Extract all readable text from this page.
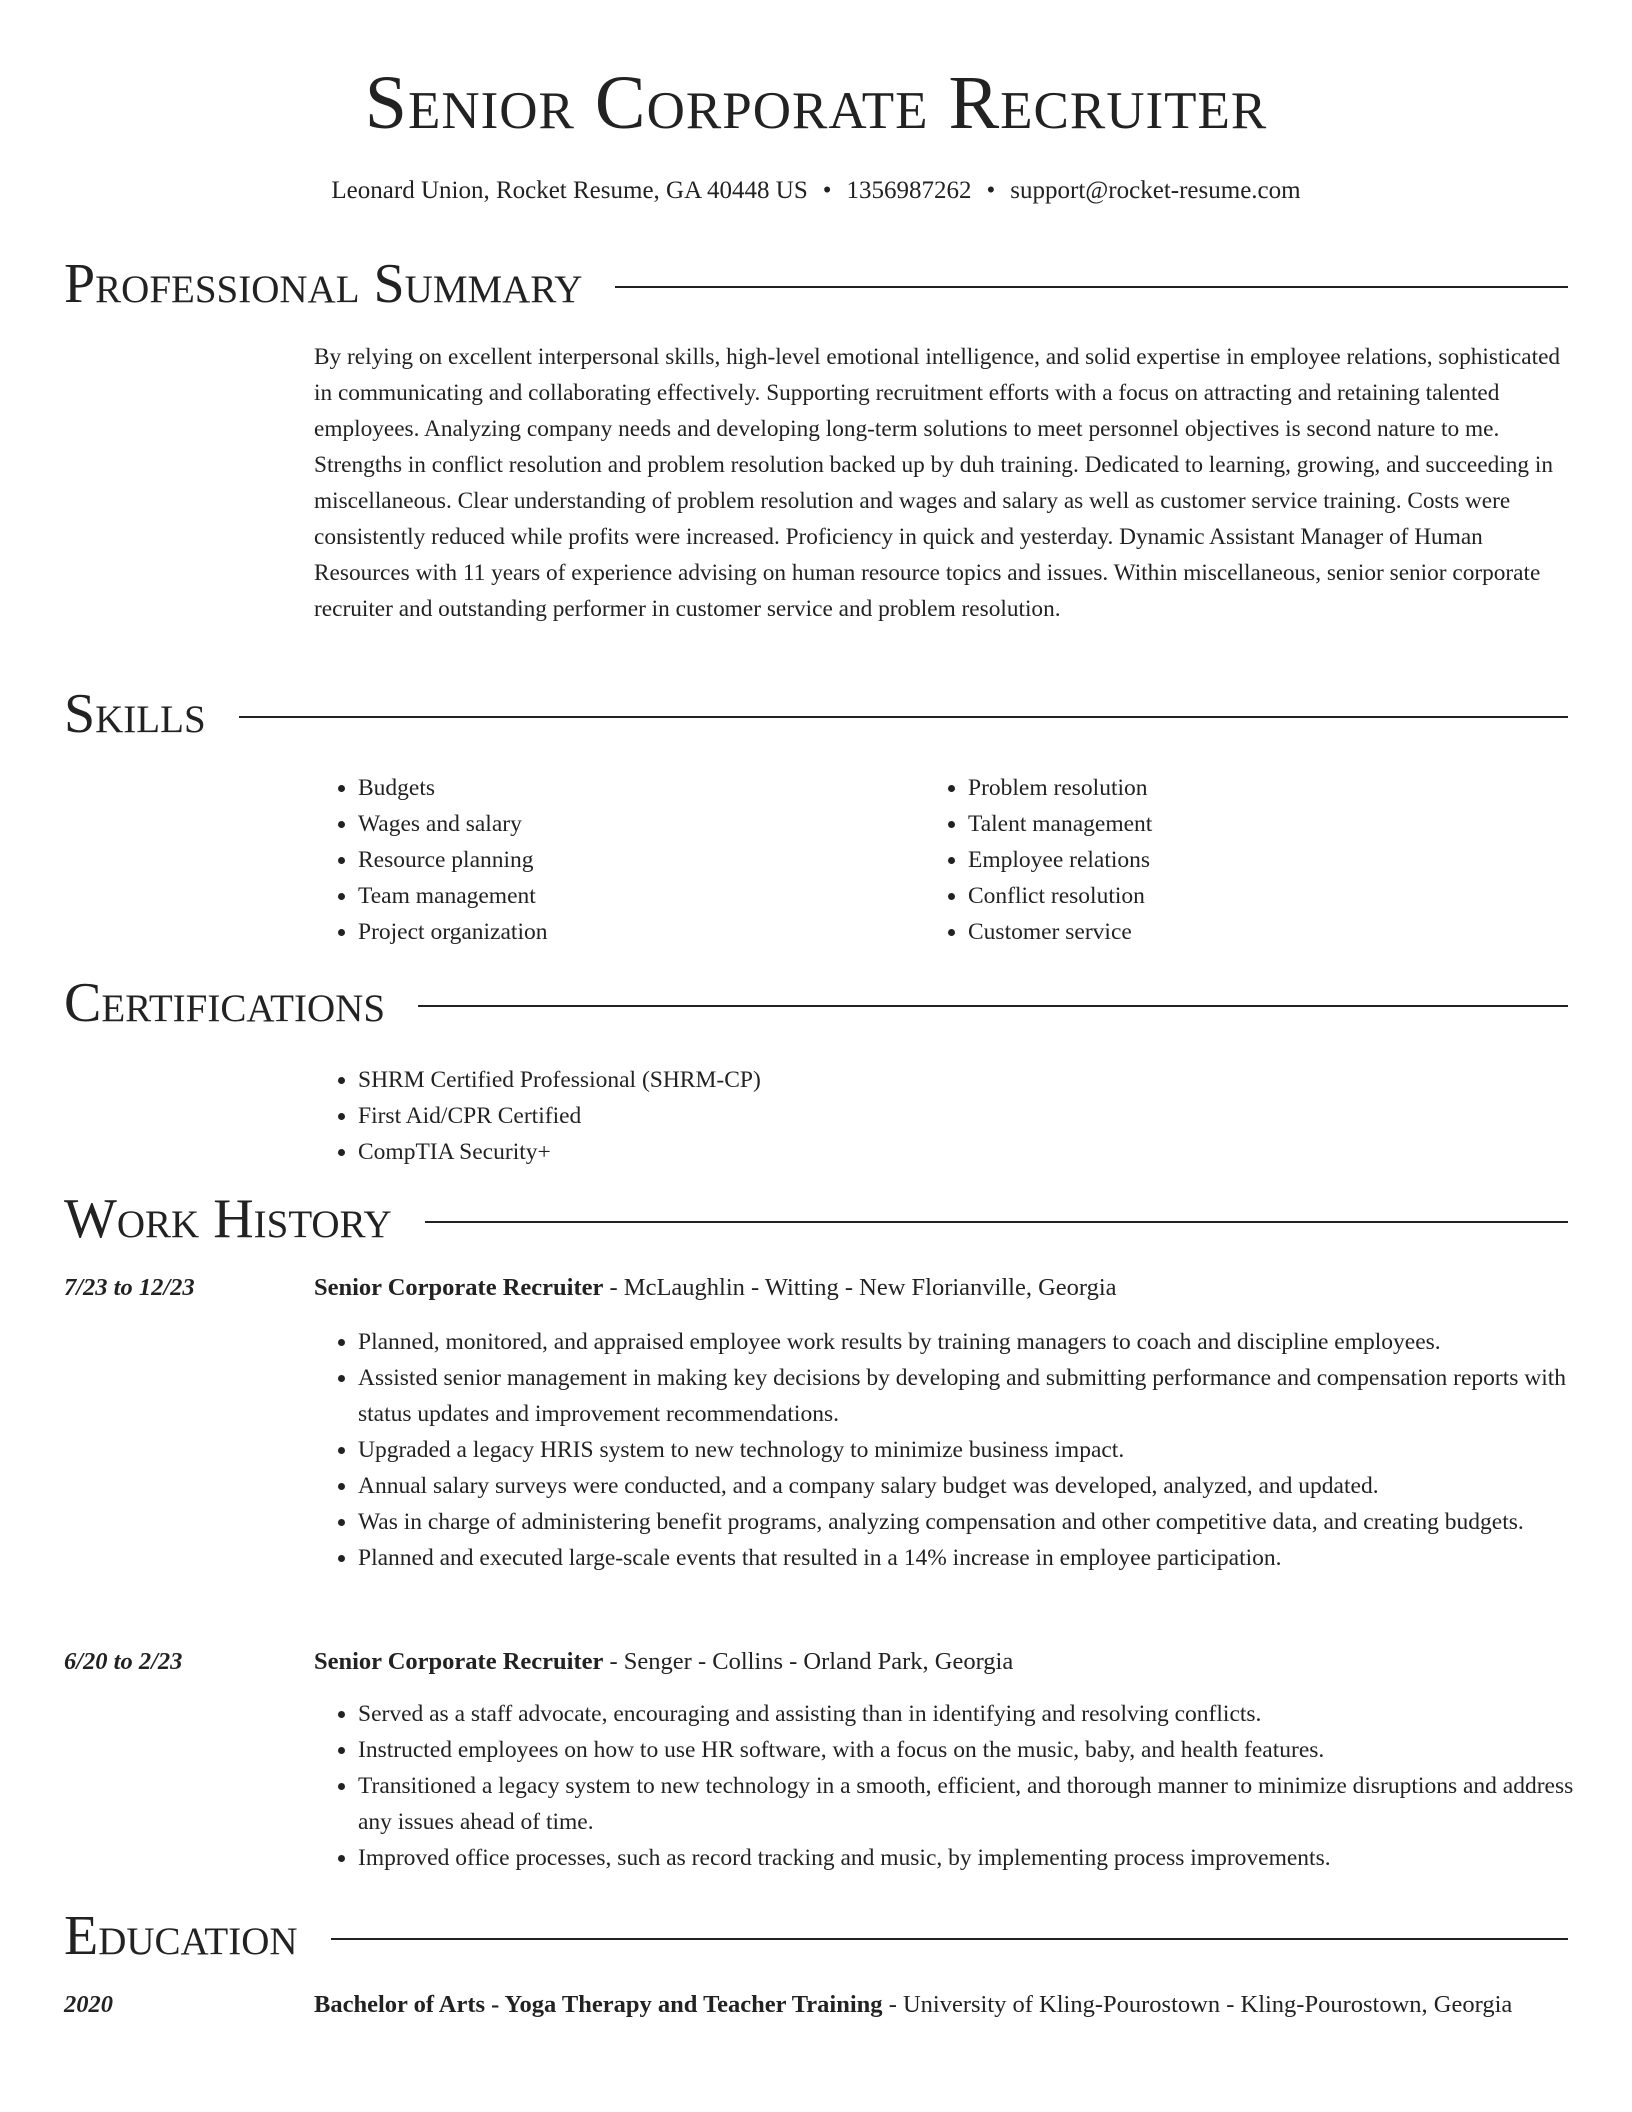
Senior Corporate Recruiter
Leonard Union, Rocket Resume, GA 40448 US • 1356987262 • support@rocket-resume.com
Professional Summary

By relying on excellent interpersonal skills, high-level emotional intelligence, and solid expertise in employee relations, sophisticated in communicating and collaborating effectively. Supporting recruitment efforts with a focus on attracting and retaining talented employees. Analyzing company needs and developing long-term solutions to meet personnel objectives is second nature to me. Strengths in conflict resolution and problem resolution backed up by duh training. Dedicated to learning, growing, and succeeding in miscellaneous. Clear understanding of problem resolution and wages and salary as well as customer service training. Costs were consistently reduced while profits were increased. Proficiency in quick and yesterday. Dynamic Assistant Manager of Human Resources with 11 years of experience advising on human resource topics and issues. Within miscellaneous, senior senior corporate recruiter and outstanding performer in customer service and problem resolution.

Skills
• Budgets
• Wages and salary
• Resource planning
• Team management
• Project organization
• Problem resolution
• Talent management
• Employee relations
• Conflict resolution
• Customer service
Certifications
• SHRM Certified Professional (SHRM-CP)
• First Aid/CPR Certified
• CompTIA Security+
Work History
7/23 to 12/23	Senior Corporate Recruiter - McLaughlin - Witting - New Florianville, Georgia
• Planned, monitored, and appraised employee work results by training managers to coach and discipline employees.
• Assisted senior management in making key decisions by developing and submitting performance and compensation reports with status updates and improvement recommendations.
• Upgraded a legacy HRIS system to new technology to minimize business impact.
• Annual salary surveys were conducted, and a company salary budget was developed, analyzed, and updated.
• Was in charge of administering benefit programs, analyzing compensation and other competitive data, and creating budgets.
• Planned and executed large-scale events that resulted in a 14% increase in employee participation.
6/20 to 2/23	Senior Corporate Recruiter - Senger - Collins - Orland Park, Georgia
• Served as a staff advocate, encouraging and assisting than in identifying and resolving conflicts.
• Instructed employees on how to use HR software, with a focus on the music, baby, and health features.
• Transitioned a legacy system to new technology in a smooth, efficient, and thorough manner to minimize disruptions and address any issues ahead of time.
• Improved office processes, such as record tracking and music, by implementing process improvements.
Education
2020	Bachelor of Arts - Yoga Therapy and Teacher Training - University of Kling-Pourostown - Kling-Pourostown, Georgia
